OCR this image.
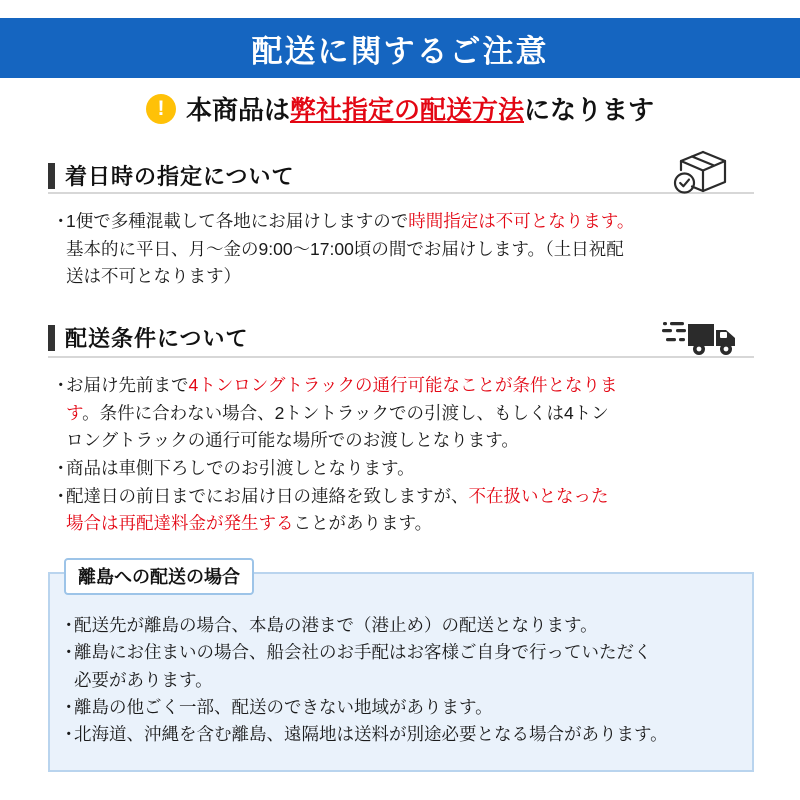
配送に関するご注意
! 本商品は弊社指定の配送方法になります
着日時の指定について
・
1便で多種混載して各地にお届けしますので時間指定は不可となります。
基本的に平日、月〜金の9:00〜17:00頃の間でお届けします。（土日祝配
送は不可となります）
配送条件について
・
お届け先前まで4トンロングトラックの通行可能なことが条件となりま
す。条件に合わない場合、2トントラックでの引渡し、もしくは4トン
ロングトラックの通行可能な場所でのお渡しとなります。
・
商品は車側下ろしでのお引渡しとなります。
・
配達日の前日までにお届け日の連絡を致しますが、不在扱いとなった
場合は再配達料金が発生することがあります。
離島への配送の場合
・
配送先が離島の場合、本島の港まで（港止め）の配送となります。
・
離島にお住まいの場合、船会社のお手配はお客様ご自身で行っていただく
必要があります。
・
離島の他ごく一部、配送のできない地域があります。
・
北海道、沖縄を含む離島、遠隔地は送料が別途必要となる場合があります。
